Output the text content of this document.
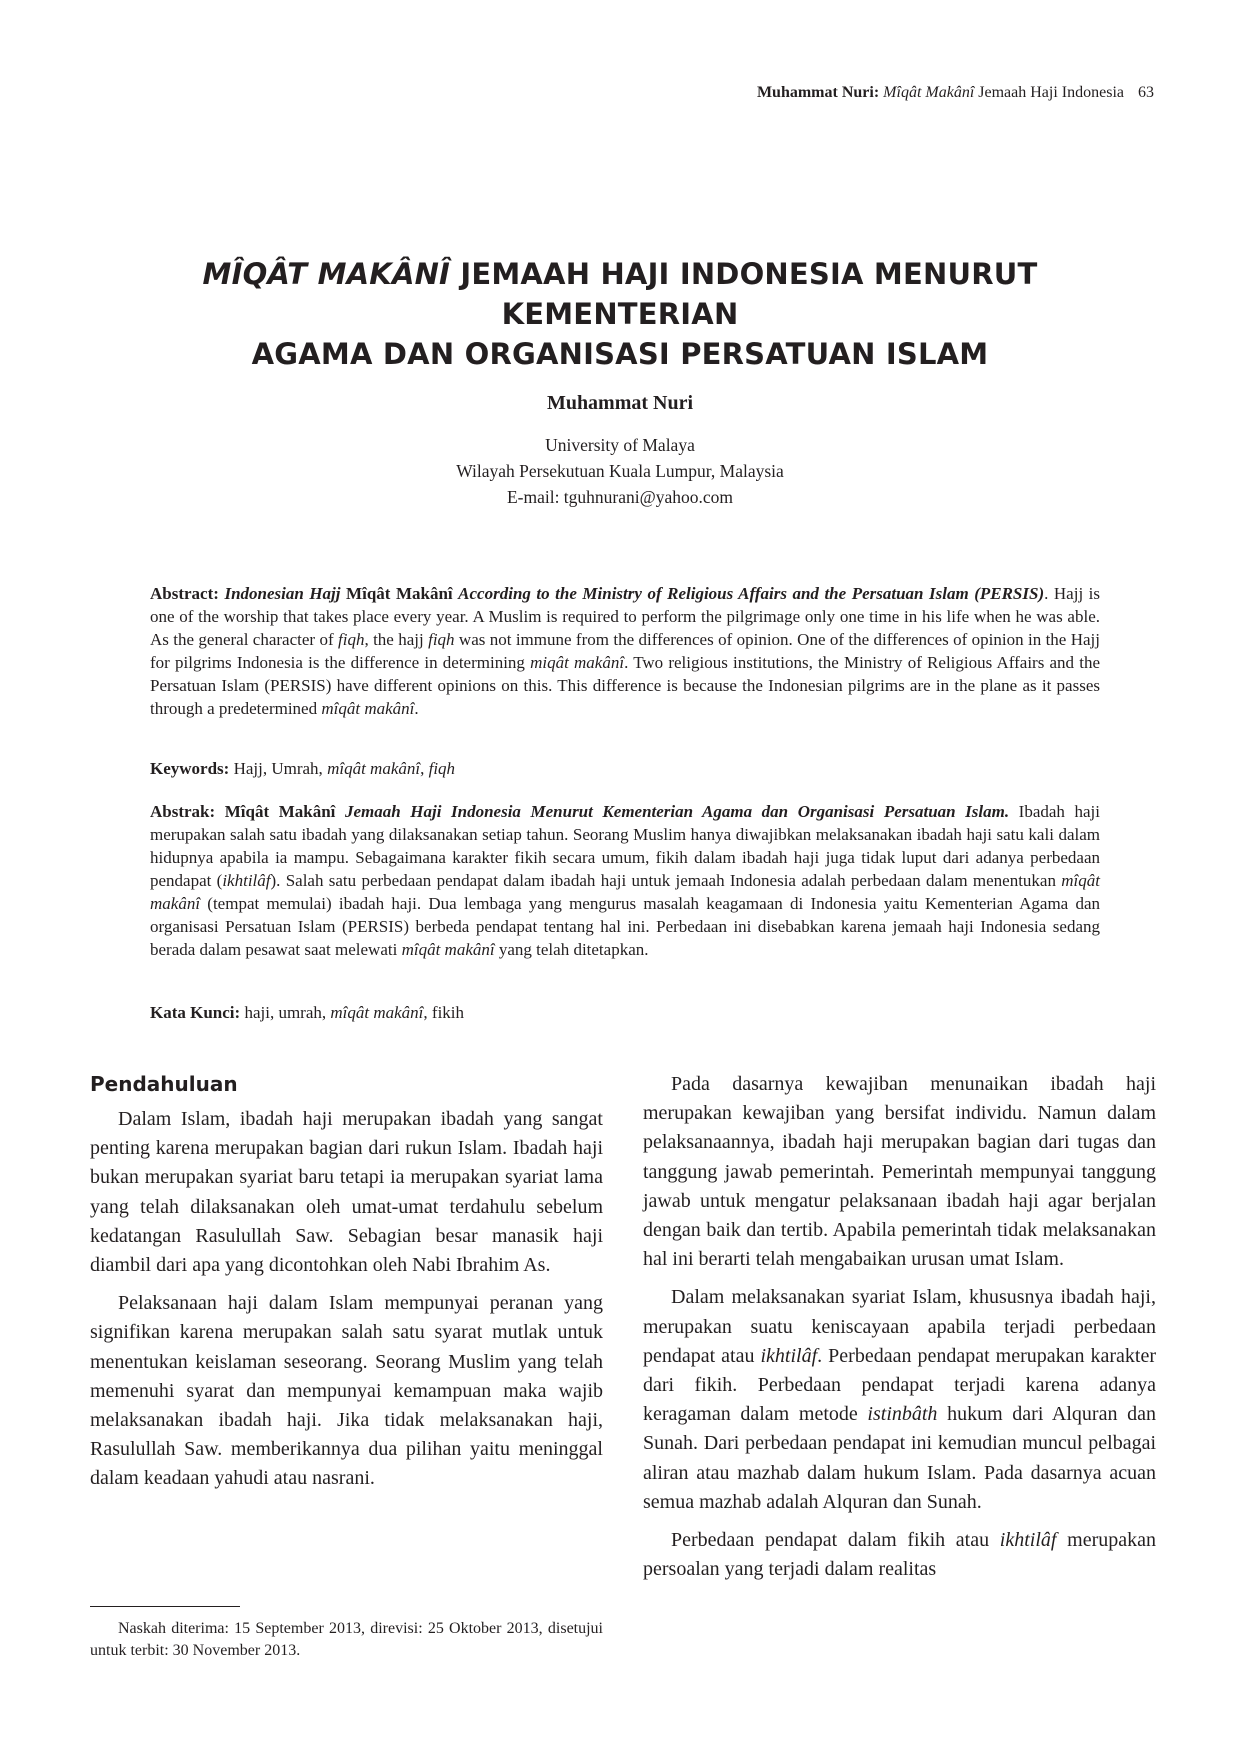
Muhammat Nuri: Mîqât Makânî Jemaah Haji Indonesia 63
MÎQÂT MAKÂNÎ JEMAAH HAJI INDONESIA MENURUT KEMENTERIAN
AGAMA DAN ORGANISASI PERSATUAN ISLAM
Muhammat Nuri
University of Malaya
Wilayah Persekutuan Kuala Lumpur, Malaysia
E-mail: tguhnurani@yahoo.com
Abstract: Indonesian Hajj Mîqât Makânî According to the Ministry of Religious Affairs and the Persatuan Islam (PERSIS). Hajj is one of the worship that takes place every year. A Muslim is required to perform the pilgrimage only one time in his life when he was able. As the general character of fiqh, the hajj fiqh was not immune from the differences of opinion. One of the differences of opinion in the Hajj for pilgrims Indonesia is the difference in determining miqât makânî. Two religious institutions, the Ministry of Religious Affairs and the Persatuan Islam (PERSIS) have different opinions on this. This difference is because the Indonesian pilgrims are in the plane as it passes through a predetermined mîqât makânî.
Keywords: Hajj, Umrah, mîqât makânî, fiqh
Abstrak: Mîqât Makânî Jemaah Haji Indonesia Menurut Kementerian Agama dan Organisasi Persatuan Islam. Ibadah haji merupakan salah satu ibadah yang dilaksanakan setiap tahun. Seorang Muslim hanya diwajibkan melaksanakan ibadah haji satu kali dalam hidupnya apabila ia mampu. Sebagaimana karakter fikih secara umum, fikih dalam ibadah haji juga tidak luput dari adanya perbedaan pendapat (ikhtilâf). Salah satu perbedaan pendapat dalam ibadah haji untuk jemaah Indonesia adalah perbedaan dalam menentukan mîqât makânî (tempat memulai) ibadah haji. Dua lembaga yang mengurus masalah keagamaan di Indonesia yaitu Kementerian Agama dan organisasi Persatuan Islam (PERSIS) berbeda pendapat tentang hal ini. Perbedaan ini disebabkan karena jemaah haji Indonesia sedang berada dalam pesawat saat melewati mîqât makânî yang telah ditetapkan.
Kata Kunci: haji, umrah, mîqât makânî, fikih
Pendahuluan

Dalam Islam, ibadah haji merupakan ibadah yang sangat penting karena merupakan bagian dari rukun Islam. Ibadah haji bukan merupakan syariat baru tetapi ia merupakan syariat lama yang telah dilaksanakan oleh umat-umat terdahulu sebelum kedatangan Rasulullah Saw. Sebagian besar manasik haji diambil dari apa yang dicontohkan oleh Nabi Ibrahim As.

Pelaksanaan haji dalam Islam mempunyai peranan yang signifikan karena merupakan salah satu syarat mutlak untuk menentukan keislaman seseorang. Seorang Muslim yang telah memenuhi syarat dan mempunyai kemampuan maka wajib melaksanakan ibadah haji. Jika tidak melaksanakan haji, Rasulullah Saw. memberikannya dua pilihan yaitu meninggal dalam keadaan yahudi atau nasrani.

Naskah diterima: 15 September 2013, direvisi: 25 Oktober 2013, disetujui untuk terbit: 30 November 2013.

Pada dasarnya kewajiban menunaikan ibadah haji merupakan kewajiban yang bersifat individu. Namun dalam pelaksanaannya, ibadah haji merupakan bagian dari tugas dan tanggung jawab pemerintah. Pemerintah mempunyai tanggung jawab untuk mengatur pelaksanaan ibadah haji agar berjalan dengan baik dan tertib. Apabila pemerintah tidak melaksanakan hal ini berarti telah mengabaikan urusan umat Islam.

Dalam melaksanakan syariat Islam, khususnya ibadah haji, merupakan suatu keniscayaan apabila terjadi perbedaan pendapat atau ikhtilâf. Perbedaan pendapat merupakan karakter dari fikih. Perbedaan pendapat terjadi karena adanya keragaman dalam metode istinbâth hukum dari Alquran dan Sunah. Dari perbedaan pendapat ini kemudian muncul pelbagai aliran atau mazhab dalam hukum Islam. Pada dasarnya acuan semua mazhab adalah Alquran dan Sunah.

Perbedaan pendapat dalam fikih atau ikhtilâf merupakan persoalan yang terjadi dalam realitas
